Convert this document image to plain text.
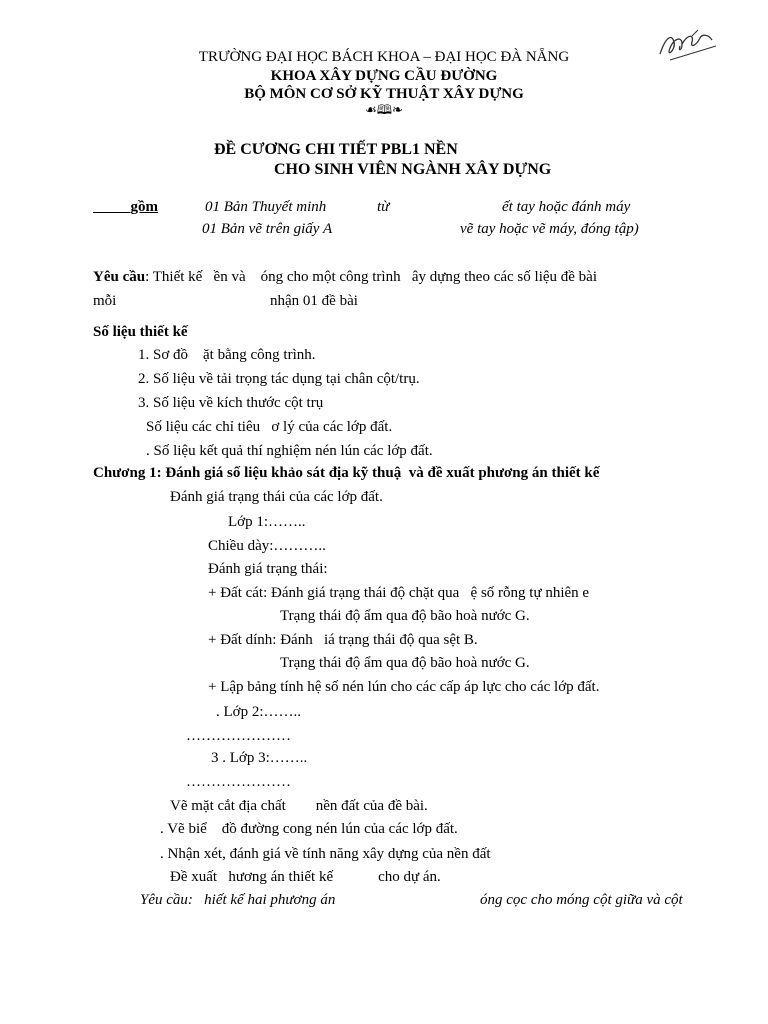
TRƯỜNG ĐẠI HỌC BÁCH KHOA – ĐẠI HỌC ĐÀ NẴNG
KHOA XÂY DỰNG CẦU ĐƯỜNG
BỘ MÔN CƠ SỞ KỸ THUẬT XÂY DỰNG
☙🕮❧
ĐỀ CƯƠNG CHI TIẾT PBL1 NỀN
CHO SINH VIÊN NGÀNH XÂY DỰNG
gồm	01 Bản Thuyết minh	từ	ết tay hoặc đánh máy
01 Bản vẽ trên giấy A	vẽ tay hoặc vẽ máy, đóng tập)
Yêu cầu: Thiết kế   ền và    óng cho một công trình   ây dựng theo các số liệu đề bài
mỗi	nhận 01 đề bài
Số liệu thiết kế
1. Sơ đồ    ặt bằng công trình.
2. Số liệu về tải trọng tác dụng tại chân cột/trụ.
3. Số liệu về kích thước cột trụ
Số liệu các chỉ tiêu   ơ lý của các lớp đất.
. Số liệu kết quả thí nghiệm nén lún các lớp đất.
Chương 1: Đánh giá số liệu khảo sát địa kỹ thuậ  và đề xuất phương án thiết kế
Đánh giá trạng thái của các lớp đất.
Lớp 1:……..
Chiều dày:………..
Đánh giá trạng thái:
+ Đất cát: Đánh giá trạng thái độ chặt qua   ệ số rỗng tự nhiên e
Trạng thái độ ẩm qua độ bão hoà nước G.
+ Đất dính: Đánh   iá trạng thái độ qua sệt B.
Trạng thái độ ẩm qua độ bão hoà nước G.
+ Lập bảng tính hệ số nén lún cho các cấp áp lực cho các lớp đất.
. Lớp 2:……..
…………………
3 . Lớp 3:……..
…………………
Vẽ mặt cắt địa chất        nền đất của đề bài.
. Vẽ biể    đồ đường cong nén lún của các lớp đất.
. Nhận xét, đánh giá về tính năng xây dựng của nền đất
Đề xuất   hương án thiết kế            cho dự án.
Yêu cầu:   hiết kế hai phương án	óng cọc cho móng cột giữa và cột
